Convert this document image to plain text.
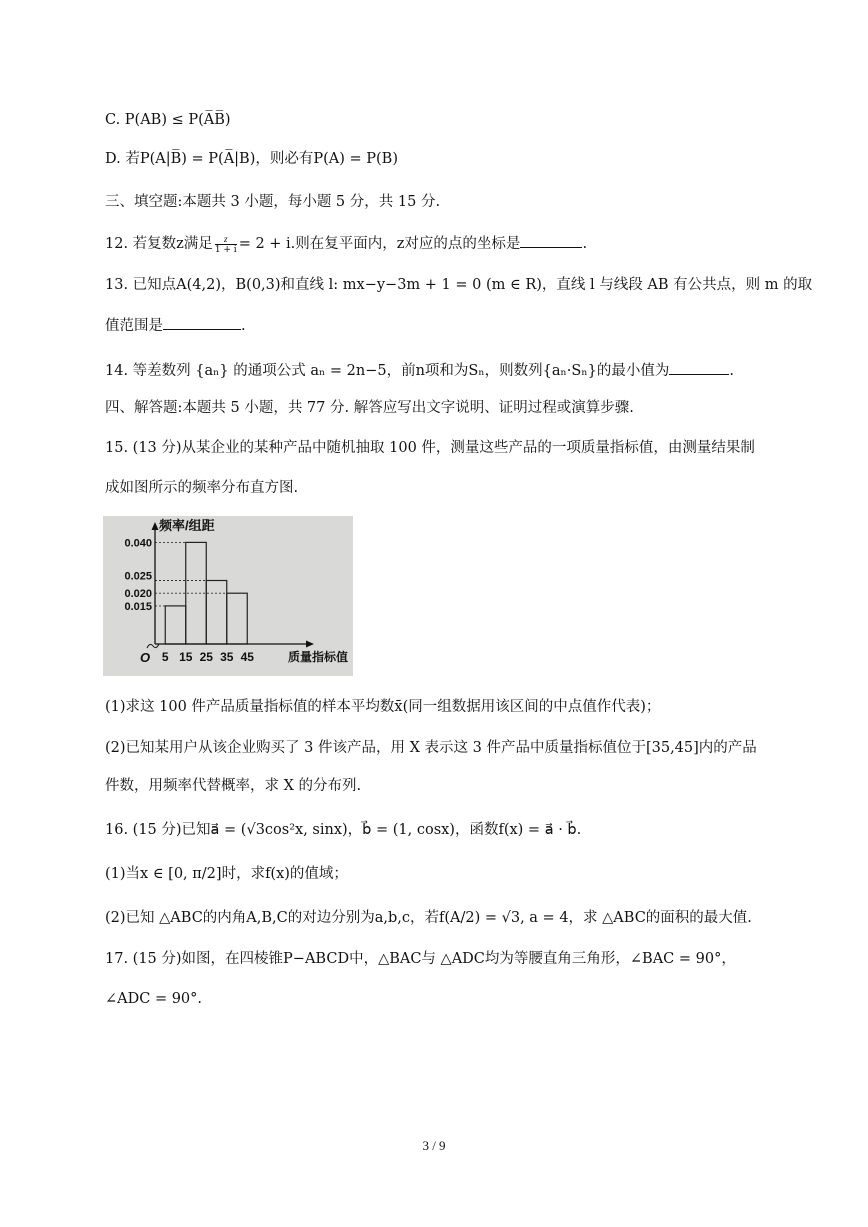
C. P(AB) ≤ P(A̅B̅)
D. 若P(A|B̅) = P(A̅|B)，则必有P(A) = P(B)
三、填空题:本题共 3 小题，每小题 5 分，共 15 分.
12. 若复数z满足 $\frac{z}{1 + i} = 2 + i$.则在复平面内，z对应的点的坐标是	.
13. 已知点A(4,2)，B(0,3)和直线 l: mx−y−3m + 1 = 0 (m ∈ R)，直线 l 与线段 AB 有公共点，则 m 的取
值范围是	.
14. 等差数列 {aₙ} 的通项公式 aₙ = 2n−5，前n项和为Sₙ，则数列{aₙ·Sₙ}的最小值为	.
四、解答题:本题共 5 小题，共 77 分. 解答应写出文字说明、证明过程或演算步骤.
15. (13 分)从某企业的某种产品中随机抽取 100 件，测量这些产品的一项质量指标值，由测量结果制
成如图所示的频率分布直方图.
0.015
0.020
0.025
0.040
5 15 25 35 45
频率/组距
质量指标值
O
(1)求这 100 件产品质量指标值的样本平均数x̄(同一组数据用该区间的中点值作代表)；
(2)已知某用户从该企业购买了 3 件该产品，用 X 表示这 3 件产品中质量指标值位于[35,45]内的产品
件数，用频率代替概率，求 X 的分布列.
16. (15 分)已知a⃗ = (√3cos²x, sinx)，b⃗ = (1, cosx)，函数f(x) = a⃗ · b⃗.
(1)当x ∈ [0, π/2]时，求f(x)的值域；
(2)已知 △ABC的内角A,B,C的对边分别为a,b,c，若f(A/2) = √3, a = 4，求 △ABC的面积的最大值.
17. (15 分)如图，在四棱锥P−ABCD中，△BAC与 △ADC均为等腰直角三角形，∠BAC = 90°，
∠ADC = 90°.
3 / 9
